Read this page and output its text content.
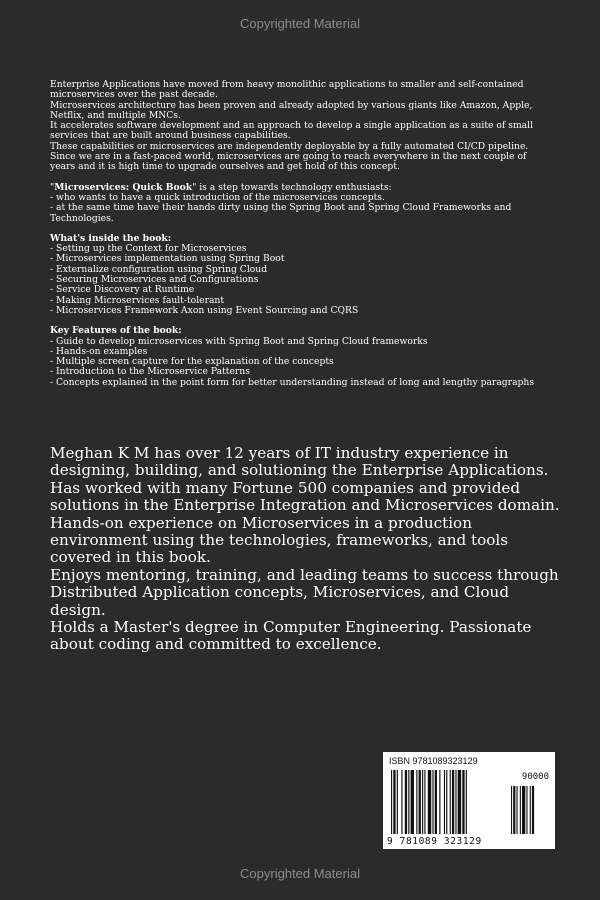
Copyrighted Material

Enterprise Applications have moved from heavy monolithic applications to smaller and self-contained microservices over the past decade.

Microservices architecture has been proven and already adopted by various giants like Amazon, Apple, Netflix, and multiple MNCs.

It accelerates software development and an approach to develop a single application as a suite of small services that are built around business capabilities.

These capabilities or microservices are independently deployable by a fully automated CI/CD pipeline.

Since we are in a fast-paced world, microservices are going to reach everywhere in the next couple of years and it is high time to upgrade ourselves and get hold of this concept.

"Microservices: Quick Book" is a step towards technology enthusiasts:

- who wants to have a quick introduction of the microservices concepts.

- at the same time have their hands dirty using the Spring Boot and Spring Cloud Frameworks and Technologies.

What's inside the book:

- Setting up the Context for Microservices
- Microservices implementation using Spring Boot
- Externalize configuration using Spring Cloud
- Securing Microservices and Configurations
- Service Discovery at Runtime
- Making Microservices fault-tolerant
- Microservices Framework Axon using Event Sourcing and CQRS

Key Features of the book:

- Guide to develop microservices with Spring Boot and Spring Cloud frameworks
- Hands-on examples
- Multiple screen capture for the explanation of the concepts
- Introduction to the Microservice Patterns
- Concepts explained in the point form for better understanding instead of long and lengthy paragraphs

Meghan K M has over 12 years of IT industry experience in designing, building, and solutioning the Enterprise Applications.

Has worked with many Fortune 500 companies and provided solutions in the Enterprise Integration and Microservices domain.

Hands-on experience on Microservices in a production environment using the technologies, frameworks, and tools covered in this book.

Enjoys mentoring, training, and leading teams to success through Distributed Application concepts, Microservices, and Cloud design.

Holds a Master's degree in Computer Engineering. Passionate about coding and committed to excellence.

ISBN 9781089323129
90000
9 781089 323129
Copyrighted Material
